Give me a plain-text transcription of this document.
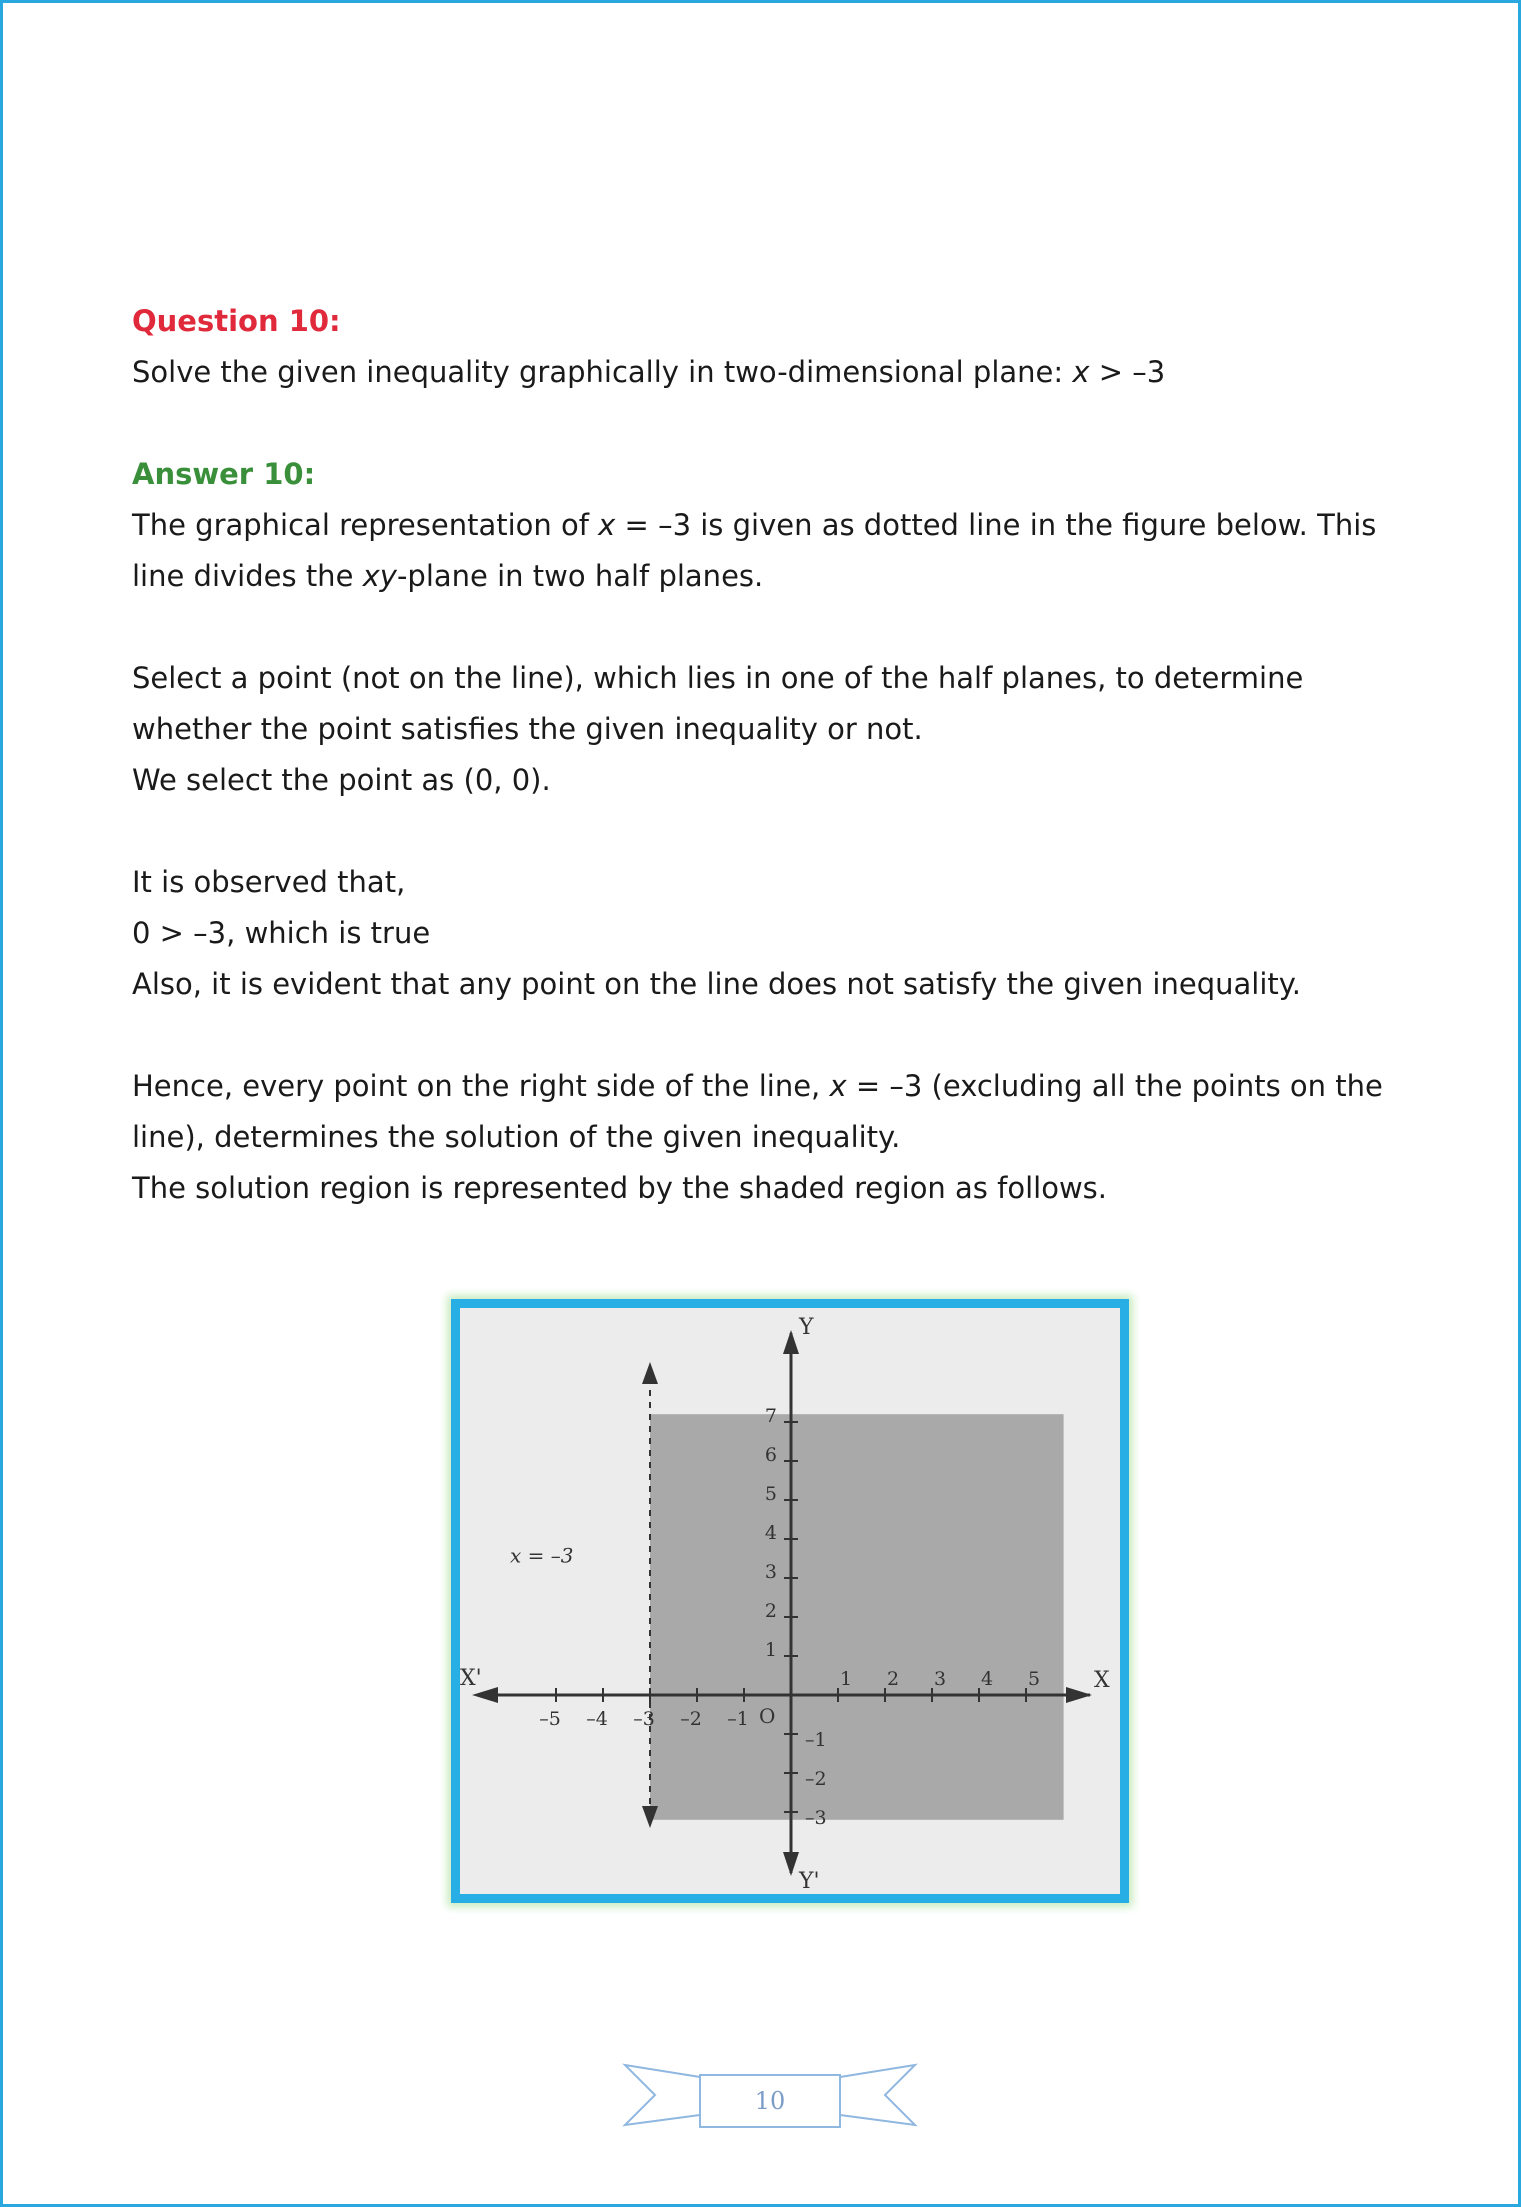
Question 10:

Solve the given inequality graphically in two-dimensional plane: x > –3

Answer 10:

The graphical representation of x = –3 is given as dotted line in the figure below. This

line divides the xy-plane in two half planes.

Select a point (not on the line), which lies in one of the half planes, to determine

whether the point satisfies the given inequality or not.

We select the point as (0, 0).

It is observed that,

0 > –3, which is true

Also, it is evident that any point on the line does not satisfy the given inequality.

Hence, every point on the right side of the line, x = –3 (excluding all the points on the

line), determines the solution of the given inequality.

The solution region is represented by the shaded region as follows.

–5 –4 –3 –2 –1
1 2 3 4 5
1
2
3
4
5
6
7
–1
–2
–3
x = –3
X
X'
Y
Y'
O
10
